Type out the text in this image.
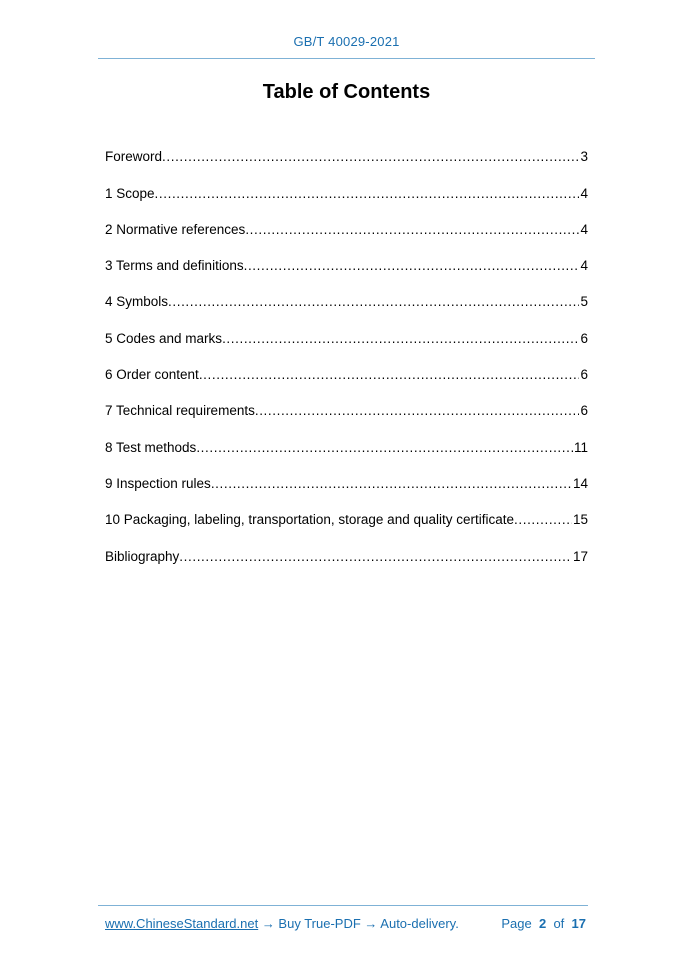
GB/T 40029-2021
Table of Contents
Foreword .....	3
1 Scope .....	4
2 Normative references .....	4
3 Terms and definitions .....	4
4 Symbols .....	5
5 Codes and marks .....	6
6 Order content .....	6
7 Technical requirements .....	6
8 Test methods .....	11
9 Inspection rules .....	14
10 Packaging, labeling, transportation, storage and quality certificate .....	15
Bibliography .....	17
www.ChineseStandard.net → Buy True-PDF → Auto-delivery.	Page 2 of 17
